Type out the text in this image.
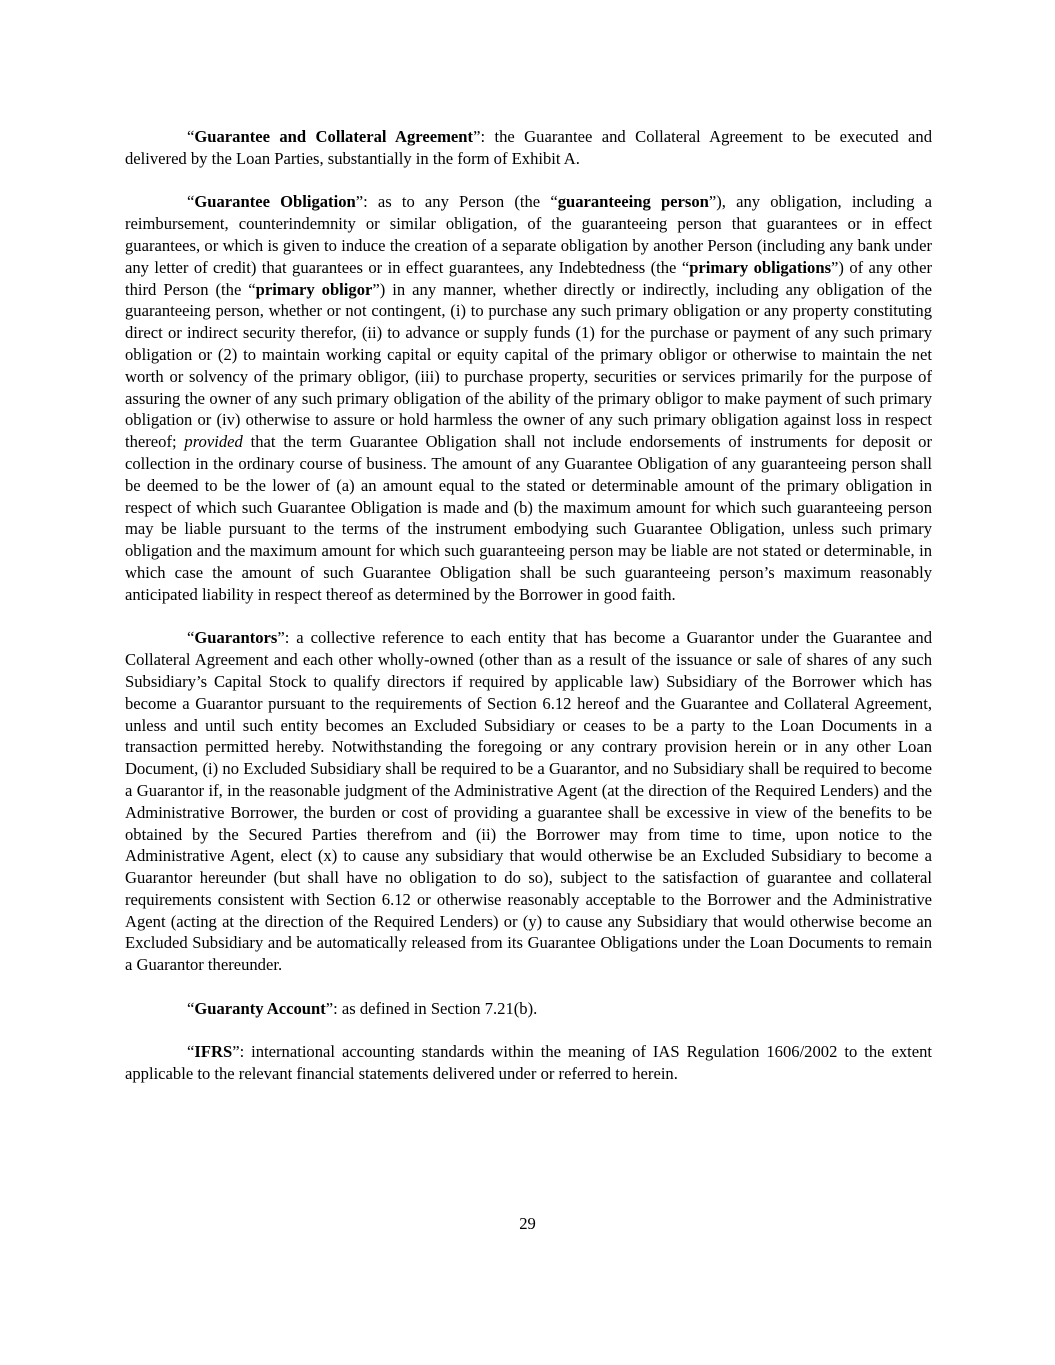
“Guarantee and Collateral Agreement”: the Guarantee and Collateral Agreement to be executed and delivered by the Loan Parties, substantially in the form of Exhibit A.

“Guarantee Obligation”: as to any Person (the “guaranteeing person”), any obligation, including a reimbursement, counterindemnity or similar obligation, of the guaranteeing person that guarantees or in effect guarantees, or which is given to induce the creation of a separate obligation by another Person (including any bank under any letter of credit) that guarantees or in effect guarantees, any Indebtedness (the “primary obligations”) of any other third Person (the “primary obligor”) in any manner, whether directly or indirectly, including any obligation of the guaranteeing person, whether or not contingent, (i) to purchase any such primary obligation or any property constituting direct or indirect security therefor, (ii) to advance or supply funds (1) for the purchase or payment of any such primary obligation or (2) to maintain working capital or equity capital of the primary obligor or otherwise to maintain the net worth or solvency of the primary obligor, (iii) to purchase property, securities or services primarily for the purpose of assuring the owner of any such primary obligation of the ability of the primary obligor to make payment of such primary obligation or (iv) otherwise to assure or hold harmless the owner of any such primary obligation against loss in respect thereof; provided that the term Guarantee Obligation shall not include endorsements of instruments for deposit or collection in the ordinary course of business. The amount of any Guarantee Obligation of any guaranteeing person shall be deemed to be the lower of (a) an amount equal to the stated or determinable amount of the primary obligation in respect of which such Guarantee Obligation is made and (b) the maximum amount for which such guaranteeing person may be liable pursuant to the terms of the instrument embodying such Guarantee Obligation, unless such primary obligation and the maximum amount for which such guaranteeing person may be liable are not stated or determinable, in which case the amount of such Guarantee Obligation shall be such guaranteeing person’s maximum reasonably anticipated liability in respect thereof as determined by the Borrower in good faith.

“Guarantors”: a collective reference to each entity that has become a Guarantor under the Guarantee and Collateral Agreement and each other wholly-owned (other than as a result of the issuance or sale of shares of any such Subsidiary’s Capital Stock to qualify directors if required by applicable law) Subsidiary of the Borrower which has become a Guarantor pursuant to the requirements of Section 6.12 hereof and the Guarantee and Collateral Agreement, unless and until such entity becomes an Excluded Subsidiary or ceases to be a party to the Loan Documents in a transaction permitted hereby. Notwithstanding the foregoing or any contrary provision herein or in any other Loan Document, (i) no Excluded Subsidiary shall be required to be a Guarantor, and no Subsidiary shall be required to become a Guarantor if, in the reasonable judgment of the Administrative Agent (at the direction of the Required Lenders) and the Administrative Borrower, the burden or cost of providing a guarantee shall be excessive in view of the benefits to be obtained by the Secured Parties therefrom and (ii) the Borrower may from time to time, upon notice to the Administrative Agent, elect (x) to cause any subsidiary that would otherwise be an Excluded Subsidiary to become a Guarantor hereunder (but shall have no obligation to do so), subject to the satisfaction of guarantee and collateral requirements consistent with Section 6.12 or otherwise reasonably acceptable to the Borrower and the Administrative Agent (acting at the direction of the Required Lenders) or (y) to cause any Subsidiary that would otherwise become an Excluded Subsidiary and be automatically released from its Guarantee Obligations under the Loan Documents to remain a Guarantor thereunder.

“Guaranty Account”: as defined in Section 7.21(b).

“IFRS”: international accounting standards within the meaning of IAS Regulation 1606/2002 to the extent applicable to the relevant financial statements delivered under or referred to herein.

29
